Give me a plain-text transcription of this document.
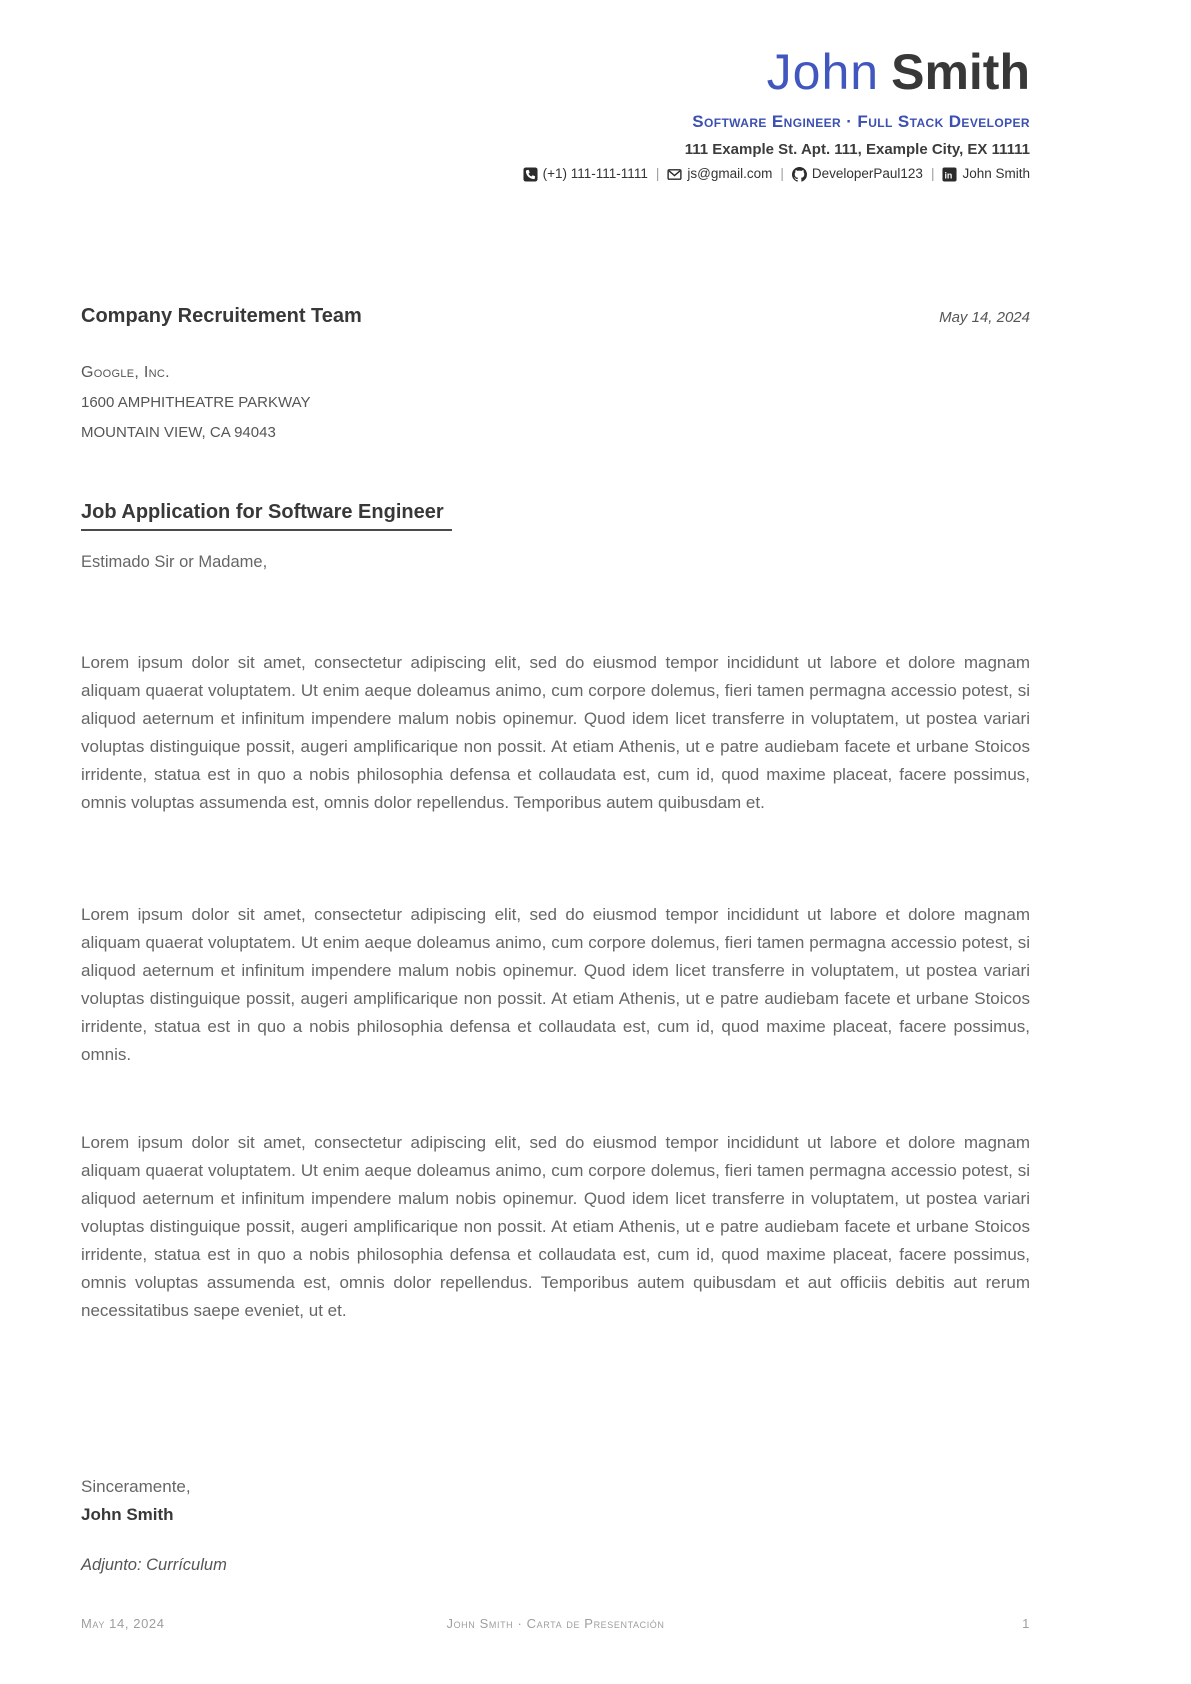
John Smith
Software Engineer · Full Stack Developer
111 Example St. Apt. 111, Example City, EX 11111
(+1) 111-111-1111 | js@gmail.com | DeveloperPaul123 | in John Smith
Company Recruitement Team	May 14, 2024
Google, Inc.
1600 AMPHITHEATRE PARKWAY
MOUNTAIN VIEW, CA 94043
Job Application for Software Engineer
Estimado Sir or Madame,

Lorem ipsum dolor sit amet, consectetur adipiscing elit, sed do eiusmod tempor incididunt ut labore et dolore magnam aliquam quaerat voluptatem. Ut enim aeque doleamus animo, cum corpore dolemus, fieri tamen permagna accessio potest, si aliquod aeternum et infinitum impendere malum nobis opinemur. Quod idem licet transferre in voluptatem, ut postea variari voluptas distinguique possit, augeri amplificarique non possit. At etiam Athenis, ut e patre audiebam facete et urbane Stoicos irridente, statua est in quo a nobis philosophia defensa et collaudata est, cum id, quod maxime placeat, facere possimus, omnis voluptas assumenda est, omnis dolor repellendus. Temporibus autem quibusdam et.

Lorem ipsum dolor sit amet, consectetur adipiscing elit, sed do eiusmod tempor incididunt ut labore et dolore magnam aliquam quaerat voluptatem. Ut enim aeque doleamus animo, cum corpore dolemus, fieri tamen permagna accessio potest, si aliquod aeternum et infinitum impendere malum nobis opinemur. Quod idem licet transferre in voluptatem, ut postea variari voluptas distinguique possit, augeri amplificarique non possit. At etiam Athenis, ut e patre audiebam facete et urbane Stoicos irridente, statua est in quo a nobis philosophia defensa et collaudata est, cum id, quod maxime placeat, facere possimus, omnis.

Lorem ipsum dolor sit amet, consectetur adipiscing elit, sed do eiusmod tempor incididunt ut labore et dolore magnam aliquam quaerat voluptatem. Ut enim aeque doleamus animo, cum corpore dolemus, fieri tamen permagna accessio potest, si aliquod aeternum et infinitum impendere malum nobis opinemur. Quod idem licet transferre in voluptatem, ut postea variari voluptas distinguique possit, augeri amplificarique non possit. At etiam Athenis, ut e patre audiebam facete et urbane Stoicos irridente, statua est in quo a nobis philosophia defensa et collaudata est, cum id, quod maxime placeat, facere possimus, omnis voluptas assumenda est, omnis dolor repellendus. Temporibus autem quibusdam et aut officiis debitis aut rerum necessitatibus saepe eveniet, ut et.

Sinceramente,
John Smith
Adjunto: Currículum
John Smith · Carta de Presentación
May 14, 2024	1
